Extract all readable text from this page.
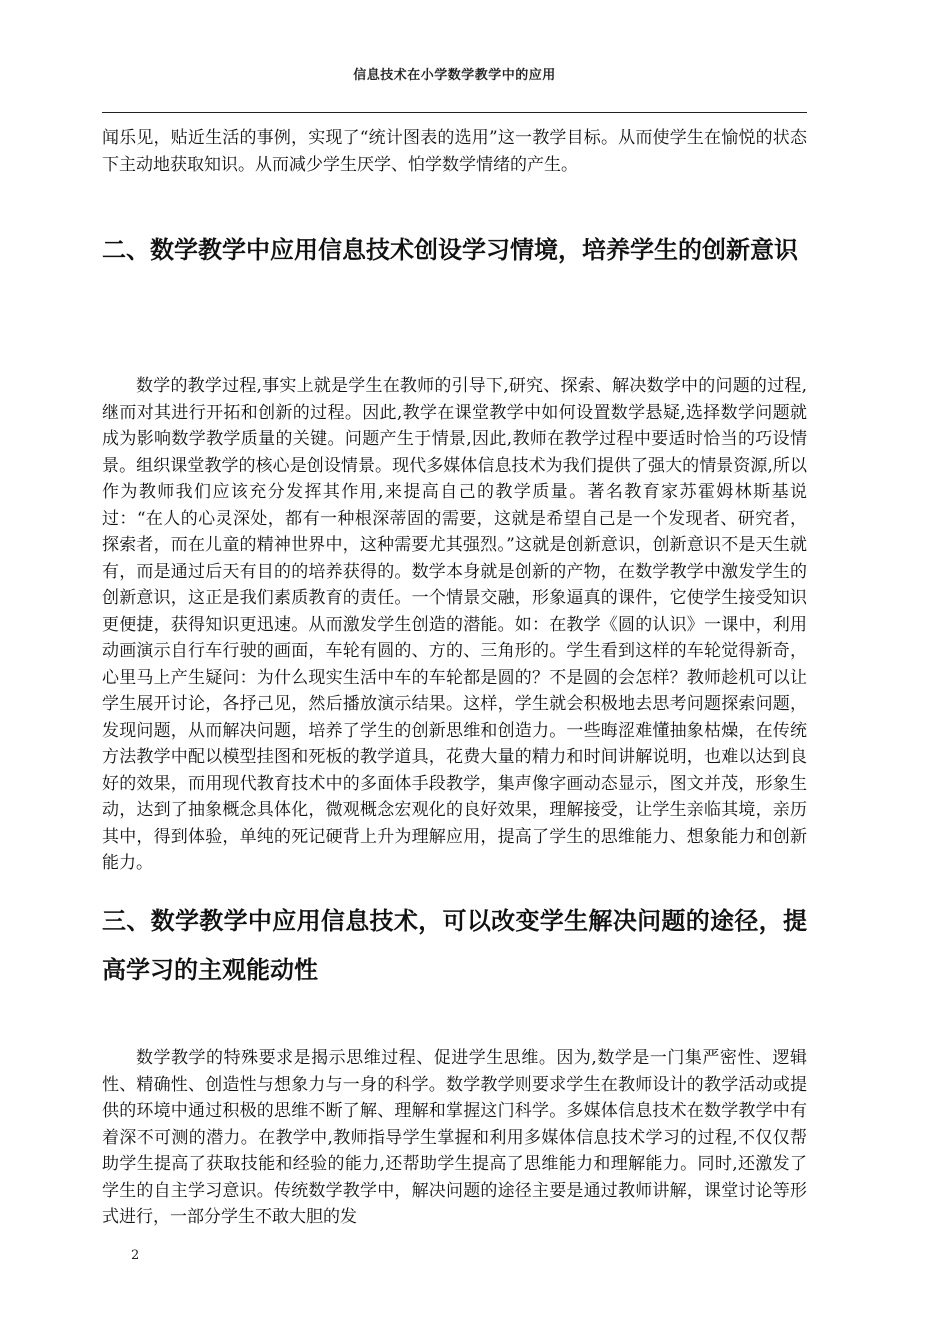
信息技术在小学数学教学中的应用

闻乐见，贴近生活的事例，实现了“统计图表的选用”这一教学目标。从而使学生在愉悦的状态下主动地获取知识。从而减少学生厌学、怕学数学情绪的产生。

二、数学教学中应用信息技术创设学习情境，培养学生的创新意识

数学的教学过程,事实上就是学生在教师的引导下,研究、探索、解决数学中的问题的过程,继而对其进行开拓和创新的过程。因此,教学在课堂教学中如何设置数学悬疑,选择数学问题就成为影响数学教学质量的关键。问题产生于情景,因此,教师在教学过程中要适时恰当的巧设情景。组织课堂教学的核心是创设情景。现代多媒体信息技术为我们提供了强大的情景资源,所以作为教师我们应该充分发挥其作用,来提高自己的教学质量。著名教育家苏霍姆林斯基说过：“在人的心灵深处，都有一种根深蒂固的需要，这就是希望自己是一个发现者、研究者，探索者，而在儿童的精神世界中，这种需要尤其强烈。”这就是创新意识，创新意识不是天生就有，而是通过后天有目的的培养获得的。数学本身就是创新的产物，在数学教学中激发学生的创新意识，这正是我们素质教育的责任。一个情景交融，形象逼真的课件，它使学生接受知识更便捷，获得知识更迅速。从而激发学生创造的潜能。如：在教学《圆的认识》一课中，利用动画演示自行车行驶的画面，车轮有圆的、方的、三角形的。学生看到这样的车轮觉得新奇，心里马上产生疑问：为什么现实生活中车的车轮都是圆的？不是圆的会怎样？教师趁机可以让学生展开讨论，各抒己见，然后播放演示结果。这样，学生就会积极地去思考问题探索问题，发现问题，从而解决问题，培养了学生的创新思维和创造力。一些晦涩难懂抽象枯燥，在传统方法教学中配以模型挂图和死板的教学道具，花费大量的精力和时间讲解说明，也难以达到良好的效果，而用现代教育技术中的多面体手段教学，集声像字画动态显示，图文并茂，形象生动，达到了抽象概念具体化，微观概念宏观化的良好效果，理解接受，让学生亲临其境，亲历其中，得到体验，单纯的死记硬背上升为理解应用，提高了学生的思维能力、想象能力和创新能力。

三、数学教学中应用信息技术，可以改变学生解决问题的途径，提高学习的主观能动性

数学教学的特殊要求是揭示思维过程、促进学生思维。因为,数学是一门集严密性、逻辑性、精确性、创造性与想象力与一身的科学。数学教学则要求学生在教师设计的教学活动或提供的环境中通过积极的思维不断了解、理解和掌握这门科学。多媒体信息技术在数学教学中有着深不可测的潜力。在教学中,教师指导学生掌握和利用多媒体信息技术学习的过程,不仅仅帮助学生提高了获取技能和经验的能力,还帮助学生提高了思维能力和理解能力。同时,还激发了学生的自主学习意识。传统数学教学中，解决问题的途径主要是通过教师讲解，课堂讨论等形式进行，一部分学生不敢大胆的发

2
